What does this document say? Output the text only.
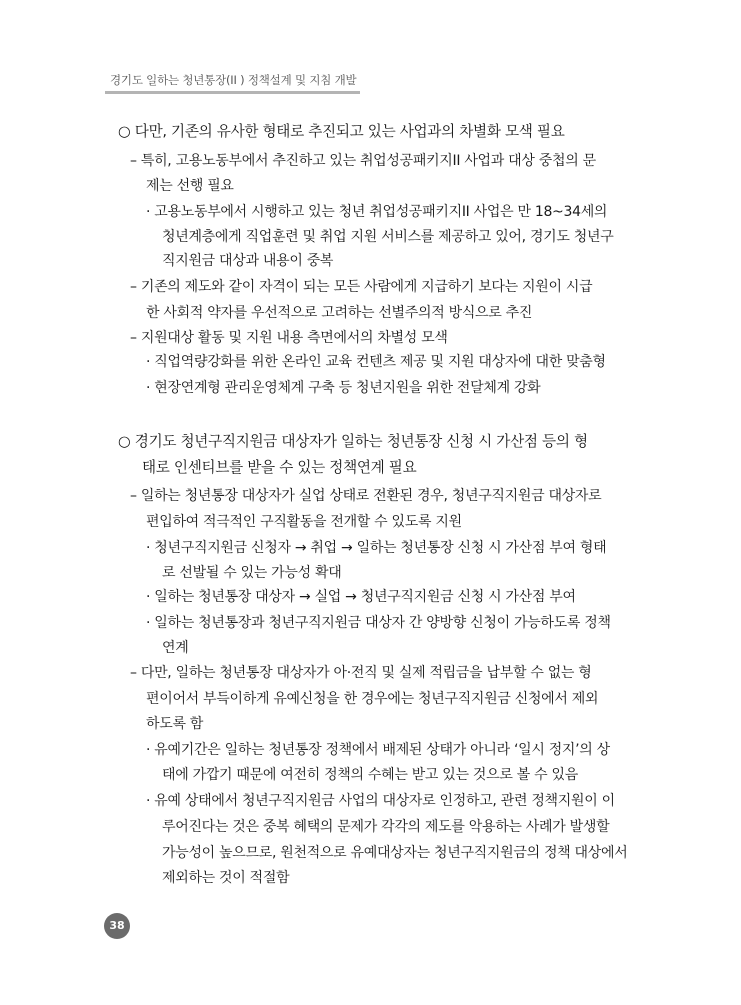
경기도 일하는 청년통장(II ) 정책설계 및 지침 개발
○ 다만, 기존의 유사한 형태로 추진되고 있는 사업과의 차별화 모색 필요
– 특히, 고용노동부에서 추진하고 있는 취업성공패키지II 사업과 대상 중첩의 문
제는 선행 필요
· 고용노동부에서 시행하고 있는 청년 취업성공패키지II 사업은 만 18~34세의
청년계층에게 직업훈련 및 취업 지원 서비스를 제공하고 있어, 경기도 청년구
직지원금 대상과 내용이 중복
– 기존의 제도와 같이 자격이 되는 모든 사람에게 지급하기 보다는 지원이 시급
한 사회적 약자를 우선적으로 고려하는 선별주의적 방식으로 추진
– 지원대상 활동 및 지원 내용 측면에서의 차별성 모색
· 직업역량강화를 위한 온라인 교육 컨텐츠 제공 및 지원 대상자에 대한 맞춤형
· 현장연계형 관리운영체계 구축 등 청년지원을 위한 전달체계 강화
○ 경기도 청년구직지원금 대상자가 일하는 청년통장 신청 시 가산점 등의 형
태로 인센티브를 받을 수 있는 정책연계 필요
– 일하는 청년통장 대상자가 실업 상태로 전환된 경우, 청년구직지원금 대상자로
편입하여 적극적인 구직활동을 전개할 수 있도록 지원
· 청년구직지원금 신청자 → 취업 → 일하는 청년통장 신청 시 가산점 부여 형태
로 선발될 수 있는 가능성 확대
· 일하는 청년통장 대상자 → 실업 → 청년구직지원금 신청 시 가산점 부여
· 일하는 청년통장과 청년구직지원금 대상자 간 양방향 신청이 가능하도록 정책
연계
– 다만, 일하는 청년통장 대상자가 아·전직 및 실제 적립금을 납부할 수 없는 형
편이어서 부득이하게 유예신청을 한 경우에는 청년구직지원금 신청에서 제외
하도록 함
· 유예기간은 일하는 청년통장 정책에서 배제된 상태가 아니라 ‘일시 정지’의 상
태에 가깝기 때문에 여전히 정책의 수혜는 받고 있는 것으로 볼 수 있음
· 유예 상태에서 청년구직지원금 사업의 대상자로 인정하고, 관련 정책지원이 이
루어진다는 것은 중복 혜택의 문제가 각각의 제도를 악용하는 사례가 발생할
가능성이 높으므로, 원천적으로 유예대상자는 청년구직지원금의 정책 대상에서
제외하는 것이 적절함
38
